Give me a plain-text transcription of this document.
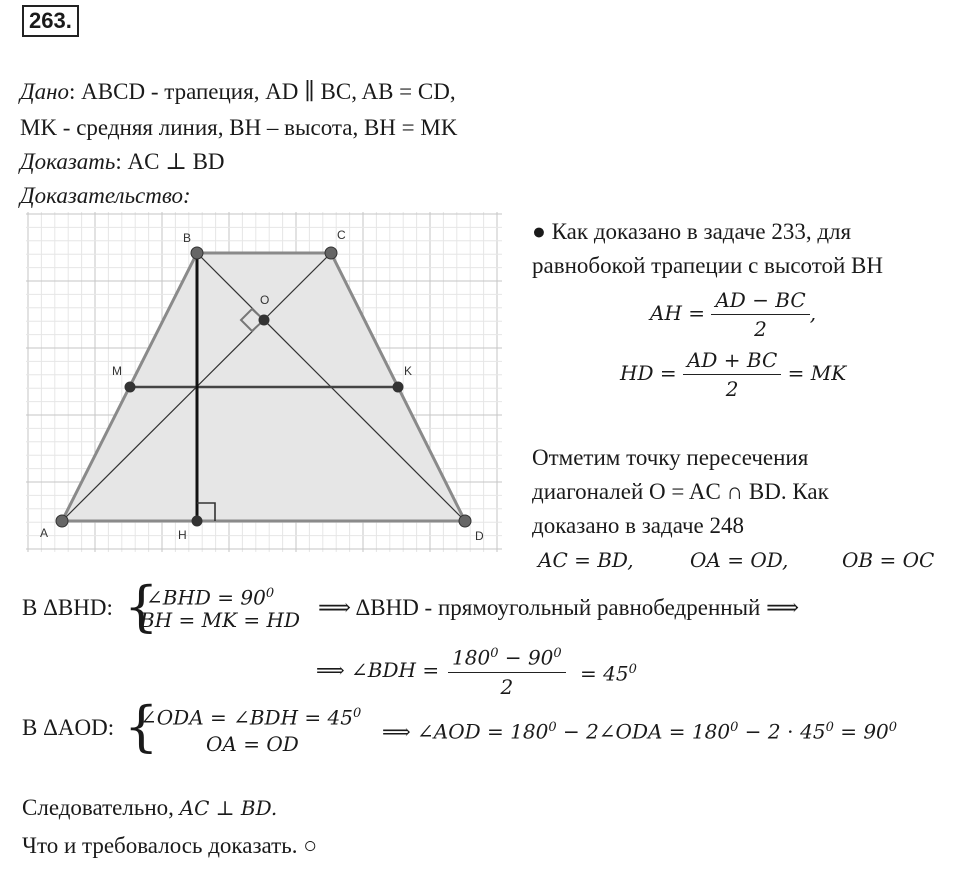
263.
Дано: ABCD - трапеция, AD ∥ BC, AB = CD,
MK - средняя линия, BH – высота, BH = MK
Доказать: AC ⊥ BD
Доказательство:
A
B	C
D
M	K
H
O
● Как доказано в задаче 233, для
равнобокой трапеции с высотой BH
AH = $\frac{AD - BC}{2}$ ,
HD = $\frac{AD + BC}{2}$ = MK
Отметим точку пересечения
диагоналей O = AC ∩ BD. Как
доказано в задаче 248
AC = BD,	OA = OD,	OB = OC
В ΔBHD: {
∠BHD = $90^0$
BH = MK = HD ⟹ ΔBHD - прямоугольный равнобедренный ⟹
⟹ ∠BDH = $\frac{180^0 - 90^0}{2} = 45^0$
В ΔAOD: {
∠ODA = ∠BDH = $45^0$
OA = OD
⟹ ∠AOD = $180^0$ − 2∠ODA = $180^0 - 2 \cdot 45^0 = 90^0$
Следовательно, AC ⊥ BD.
Что и требовалось доказать. ○
